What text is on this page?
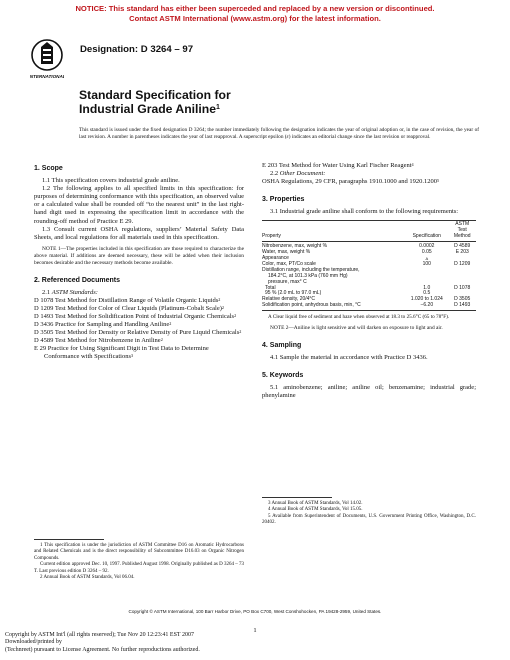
NOTICE: This standard has either been superceded and replaced by a new version or discontinued.
Contact ASTM International (www.astm.org) for the latest information.
INTERNATIONAL
Designation: D 3264 – 97
Standard Specification for
Industrial Grade Aniline$^1$
This standard is issued under the fixed designation D 3264; the number immediately following the designation indicates the year of original adoption or, in the case of revision, the year of last revision. A number in parentheses indicates the year of last reapproval. A superscript epsilon (ε) indicates an editorial change since the last revision or reapproval.

1. Scope

1.1 This specification covers industrial grade aniline.

1.2 The following applies to all specified limits in this specification: for purposes of determining conformance with this specification, an observed value or a calculated value shall be rounded off “to the nearest unit” in the last right-hand digit used in expressing the specification limit in accordance with the rounding-off method of Practice E 29.

1.3 Consult current OSHA regulations, suppliers’ Material Safety Data Sheets, and local regulations for all materials used in this specification.

NOTE 1—The properties included in this specification are those required to characterize the above material. If additions are deemed necessary, these will be added when their inclusion becomes desirable and the necessary methods become available.

2. Referenced Documents

2.1 ASTM Standards:

D 1078 Test Method for Distillation Range of Volatile Organic Liquids$^2$

D 1209 Test Method for Color of Clear Liquids (Platinum-Cobalt Scale)$^2$

D 1493 Test Method for Solidification Point of Industrial Organic Chemicals$^2$

D 3436 Practice for Sampling and Handling Aniline$^2$

D 3505 Test Method for Density or Relative Density of Pure Liquid Chemicals$^2$

D 4589 Test Method for Nitrobenzene in Aniline$^2$

E 29 Practice for Using Significant Digit in Test Data to Determine Conformance with Specifications$^3$

1 This specification is under the jurisdiction of ASTM Committee D16 on Aromatic Hydrocarbons and Related Chemicals and is the direct responsibility of Subcommittee D16.03 on Organic Nitrogen Compounds.
Current edition approved Dec. 10, 1997. Published August 1998. Originally published as D 3264 – 73 T. Last previous edition D 3264 – 92.
2 Annual Book of ASTM Standards, Vol 06.04.

E 203 Test Method for Water Using Karl Fischer Reagent$^4$

2.2 Other Document:

OSHA Regulations, 29 CFR, paragraphs 1910.1000 and 1920.1200$^5$

3. Properties

3.1 Industrial grade aniline shall conform to the following requirements:

		ASTM
		Test
Property	Specification	Method
Nitrobenzene, max, weight %	0.0002	D 4589
Water, max, weight %	0.05	E 203
Appearance	A	
Color, max, PT/Co scale	100	D 1209
Distillation range, including the temperature,		
184.2°C, at 101.3 kPa (760 mm Hg)		
pressure, max° C		
Total	1.0	D 1078
95 % (2.0 mL to 97.0 mL)	0.5	
Relative density, 20/4°C	1.020 to 1.024	D 3505
Solidification point, anhydrous basis, min, °C	−6.20	D 1493

A Clear liquid free of sediment and haze when observed at 18.3 to 25.6°C (65 to 78°F).

NOTE 2—Aniline is light sensitive and will darken on exposure to light and air.

4. Sampling

4.1 Sample the material in accordance with Practice D 3436.

5. Keywords

5.1 aminobenzene; aniline; aniline oil; benzenamine; industrial grade; phenylamine

3 Annual Book of ASTM Standards, Vol 14.02.
4 Annual Book of ASTM Standards, Vol 15.05.
5 Available from Superintendent of Documents, U.S. Government Printing Office, Washington, D.C. 20402.
Copyright © ASTM International, 100 Barr Harbor Drive, PO Box C700, West Conshohocken, PA 19428-2959, United States.
1
Copyright by ASTM Int'l (all rights reserved); Tue Nov 20 12:23:41 EST 2007
Downloaded/printed by
(Technreet) pursuant to License Agreement. No further reproductions authorized.
